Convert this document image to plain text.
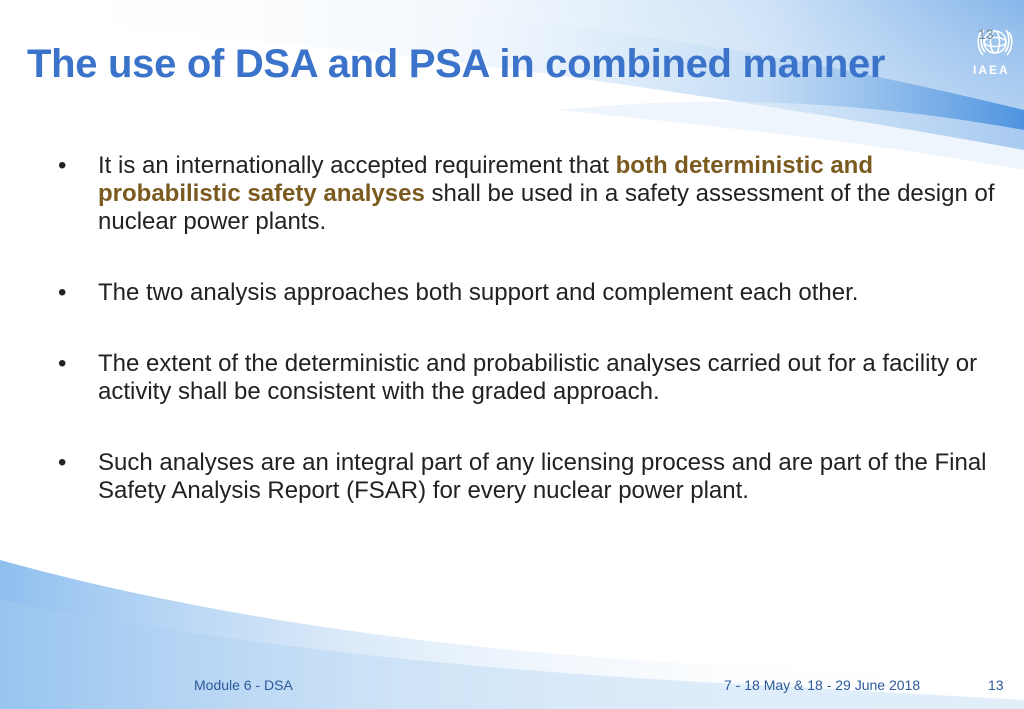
13
IAEA
The use of DSA and PSA in combined manner
• It is an internationally accepted requirement that both deterministic and probabilistic safety analyses shall be used in a safety assessment of the design of nuclear power plants.
• The two analysis approaches both support and complement each other.
• The extent of the deterministic and probabilistic analyses carried out for a facility or activity shall be consistent with the graded approach.
• Such analyses are an integral part of any licensing process and are part of the Final Safety Analysis Report (FSAR) for every nuclear power plant.
Module 6 - DSA	7 - 18 May & 18 - 29 June 2018	13
